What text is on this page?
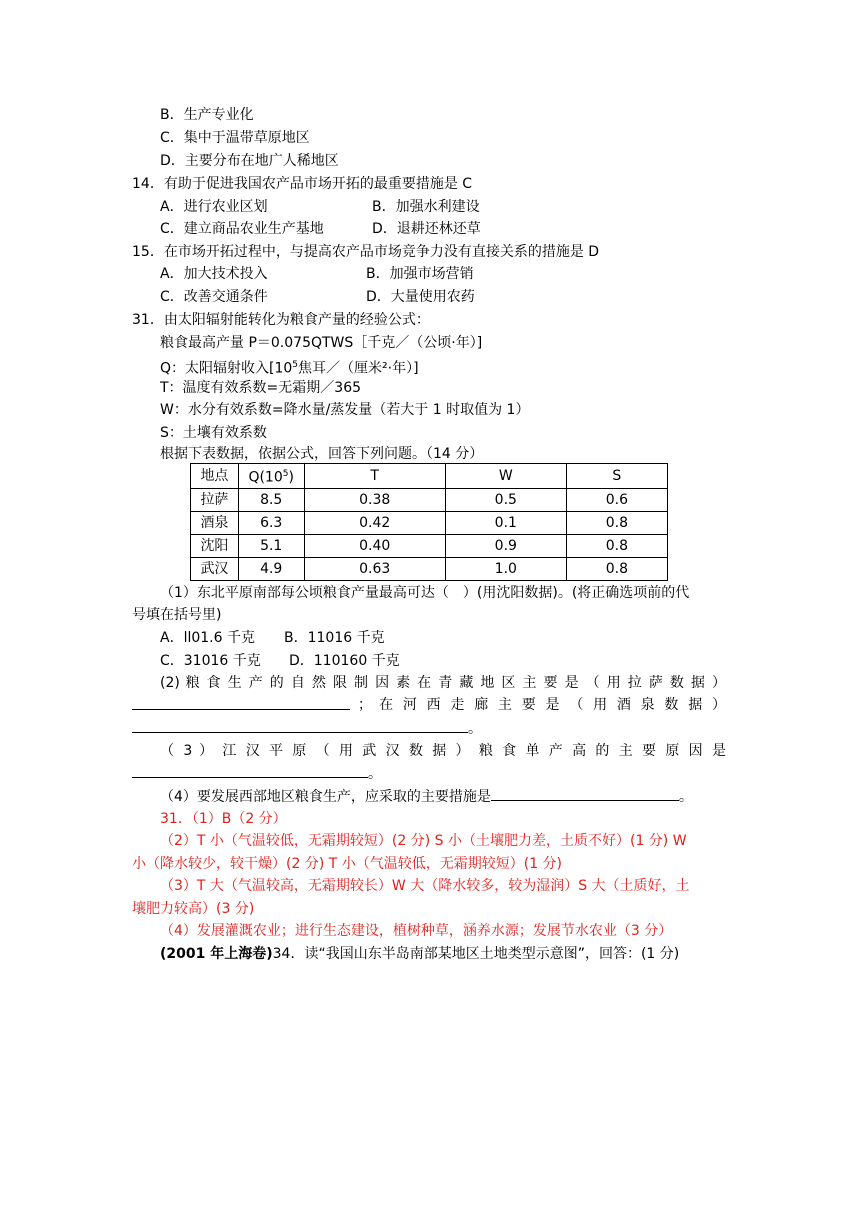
B．生产专业化
C．集中于温带草原地区
D．主要分布在地广人稀地区
14．有助于促进我国农产品市场开拓的最重要措施是 C
A．进行农业区划	B．加强水利建设
C．建立商品农业生产基地	D．退耕还林还草
15．在市场开拓过程中，与提高农产品市场竞争力没有直接关系的措施是 D
A．加大技术投入	B．加强市场营销
C．改善交通条件	D．大量使用农药
31．由太阳辐射能转化为粮食产量的经验公式：
粮食最高产量 P＝0.075QTWS［千克／（公顷·年）]
Q：太阳辐射收入[$10^5$焦耳／（厘米²·年）]
T：温度有效系数=无霜期／365
W：水分有效系数=降水量/蒸发量（若大于 1 时取值为 1）
S：土壤有效系数
根据下表数据，依据公式，回答下列问题。（14 分）
地点	$Q(10^5)$	T	W	S
拉萨	8.5	0.38	0.5	0.6
酒泉	6.3	0.42	0.1	0.8
沈阳	5.1	0.40	0.9	0.8
武汉	4.9	0.63	1.0	0.8
（1）东北平原南部每公顷粮食产量最高可达（　）(用沈阳数据)。(将正确选项前的代
号填在括号里)
A．ll01.6 千克 B．11016 千克
C．31016 千克 D．110160 千克
(2) 粮 食 生 产 的 自 然 限 制 因 素 在 青 藏 地 区 主 要 是 （ 用 拉 萨 数 据 ）
； 在 河 西 走 廊 主 要 是 （ 用 酒 泉 数 据 ）
。
（ 3 ） 江 汉 平 原 （ 用 武 汉 数 据 ） 粮 食 单 产 高 的 主 要 原 因 是
。
（4）要发展西部地区粮食生产，应采取的主要措施是	。
31．（1）B（2 分）
（2）T 小（气温较低，无霜期较短）(2 分) S 小（土壤肥力差，土质不好）(1 分) W
小（降水较少，较干燥）(2 分) T 小（气温较低，无霜期较短）(1 分)
（3）T 大（气温较高，无霜期较长）W 大（降水较多，较为湿润）S 大（土质好，土
壤肥力较高）(3 分)
（4）发展灌溉农业；进行生态建设，植树种草，涵养水源；发展节水农业（3 分）
(2001 年上海卷)34．读“我国山东半岛南部某地区土地类型示意图”，回答：(1 分)
